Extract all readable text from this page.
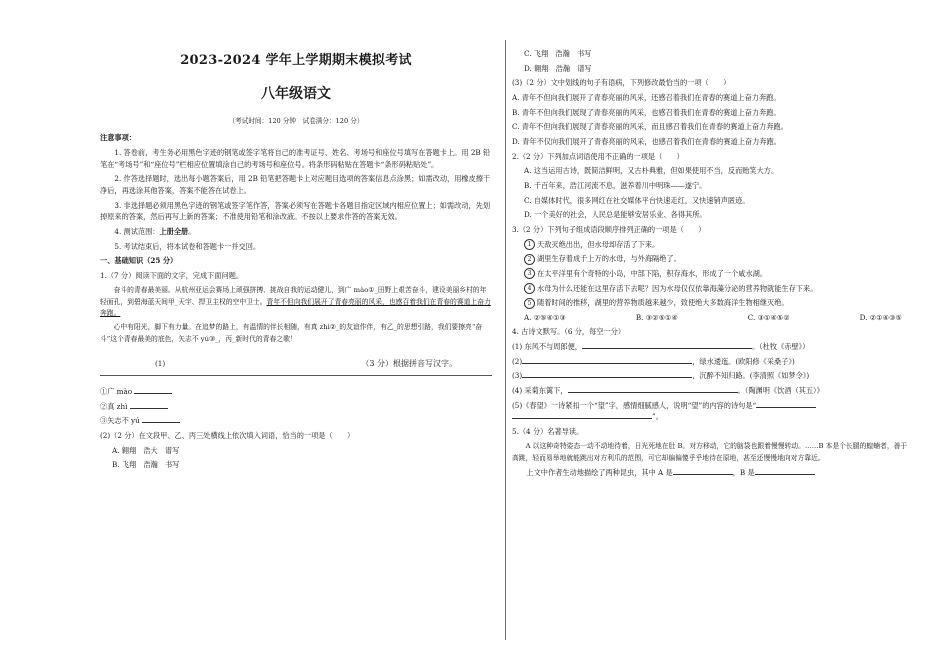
2023-2024 学年上学期期末模拟考试
八年级语文
（考试时间：120 分钟　试卷满分：120 分）

注意事项：

1. 答卷前，考生务必用黑色字迹的钢笔或签字笔将自己的准考证号、姓名、考场号和座位号填写在答题卡上。用 2B 铅笔在“考场号”和“座位号”栏相应位置填涂自己的考场号和座位号。将条形码粘贴在答题卡“条形码粘贴处”。

2. 作答选择题时，选出每小题答案后，用 2B 铅笔把答题卡上对应题目选项的答案信息点涂黑；如需改动，用橡皮擦干净后，再选涂其他答案，答案不能答在试卷上。

3. 非选择题必须用黑色字迹的钢笔或签字笔作答，答案必须写在答题卡各题目指定区域内相应位置上；如需改动，先划掉原来的答案，然后再写上新的答案；不准使用铅笔和涂改液。不按以上要求作答的答案无效。

4. 测试范围：上册全册。

5. 考试结束后，将本试卷和答题卡一并交回。

一、基础知识（25 分）

1.（7 分）阅读下面的文字，完成下面问题。

奋斗的青春最美丽。从杭州亚运会赛场上顽强拼搏、挑战自我的运动健儿，到广 mào①_田野上艰苦奋斗，建设美丽乡村的年轻面孔，到碧海蓝天间甲_天宇、捍卫主权的空中卫士。青年不但向我们展开了青春亮丽的风采，也感召着我们在青春的赛道上奋力奔跑。

心中有阳光，脚下有力量。在追梦的路上，有温情的伴长相随，有真 zhì②_的友谊作伴，有乙_的思想引路，我们要擦亮“奋斗”这个青春最美的底色，矢志不 yú③_，丙_新时代的青春之歌！

(1)	（3 分）根据拼音写汉字。

①广 mào

②真 zhì

③矢志不 yú

(2)（2 分）在文段甲、乙、丙三处横线上依次填入词语，恰当的一项是（　　）

A. 翱翔　浩大　谱写

B. 飞翔　浩瀚　书写

C. 飞翔　浩瀚　书写

D. 翱翔　浩瀚　谱写

(3)（2 分）文中划线的句子有语病，下列修改最恰当的一项（　　）

A. 青年不但向我们展开了青春亮丽的风采，还感召着我们在青春的赛道上奋力奔跑。

B. 青年不但向我们展现了青春亮丽的风采，也感召着我们在青春的赛道上奋力奔跑。

C. 青年不但向我们展现了青春亮丽的风采，而且感召着我们在青春的赛道上奋力奔跑。

D. 青年不仅向我们展开了青春亮丽的风采，也感召着我们在青春的赛道上奋力奔跑。

2.（2 分）下列加点词语使用不正确的一项是（　　）

A. 这当运用古诗，既简洁鲜明，又古朴典雅，但如果使用不当，反而贻笑大方。

B. 千百年来，浩江河流不息，滋养着川中明珠——遂宁。

C. 自媒体时代，很多网红在社交媒体平台快速走红，又快速销声匿迹。

D. 一个美好的社会，人民总是能够安居乐业、各得其所。

3.（2 分）下列句子组成语段顺序排列正确的一项是（　　）

1 天敌灭绝出出，但水母却存活了下来。

2 湖里生存着成千上万的水母，与外海隔绝了。

3 在太平洋里有个奇特的小岛，中部下陷，积存海水，形成了一个咸水湖。

4 水母为什么还能在这里存活下去呢？因为水母仅仅依靠海藻分泌的营养物就能生存下来。

5 随着时间的推移，湖里的营养物质越来越少，致使绝大多数海洋生物相继灭绝。

A. ②⑤④①③	B. ③②⑤①④	C. ③①④⑤②	D. ②①④③⑤

4. 古诗文默写。（6 分，每空一分）

(1) 东风不与周郎便，	。（杜牧《赤壁》）

(2)	，绿水逶迤。(欧阳修《采桑子》)

(3)	，沉醉不知归路。(李清照《如梦令》)

(4) 采菊东篱下，	。（陶渊明《饮酒（其五）》

(5)《春望》一诗紧扣一个“望”字，感情细腻感人，说明“望”的内容的诗句是“
”。

5.（4 分）名著导读。

A 以这种奇特姿态一动不动地待着，日光死地在肚 B。对方移动，它的脑袋也跟着慢慢转动。……B 本是个长腿的蝗蝻者，善于高跳，轻而易举地就能跳出对方利爪的范围，可它却偏偏傻乎乎地待在原地，甚至还慢慢地向对方靠近。

上文中作者生动地描绘了两种昆虫，其中 A 是	，B 是
